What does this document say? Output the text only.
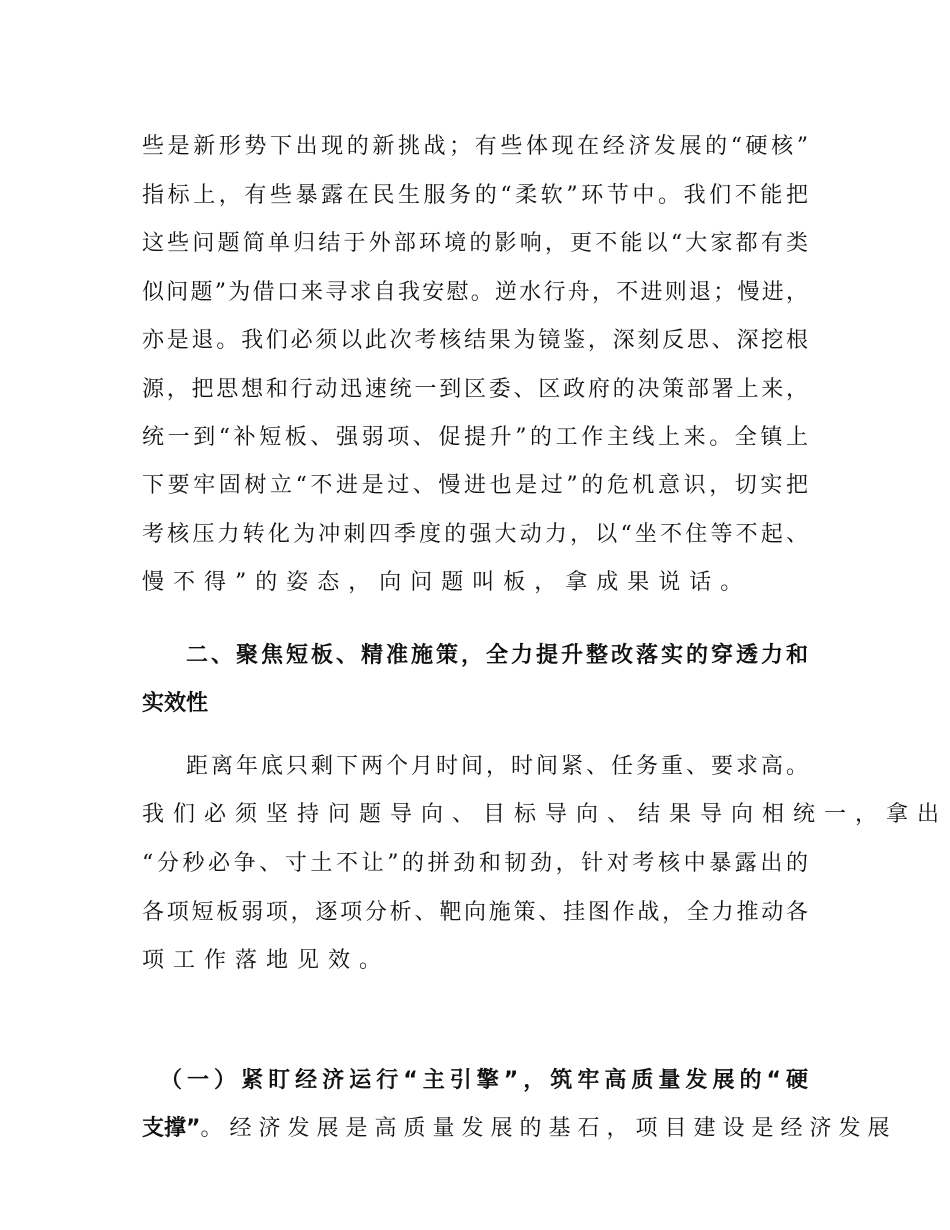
些是新形势下出现的新挑战；有些体现在经济发展的“硬核”
指标上，有些暴露在民生服务的“柔软”环节中。我们不能把
这些问题简单归结于外部环境的影响，更不能以“大家都有类
似问题”为借口来寻求自我安慰。逆水行舟，不进则退；慢进，
亦是退。我们必须以此次考核结果为镜鉴，深刻反思、深挖根
源，把思想和行动迅速统一到区委、区政府的决策部署上来，
统一到“补短板、强弱项、促提升”的工作主线上来。全镇上
下要牢固树立“不进是过、慢进也是过”的危机意识，切实把
考核压力转化为冲刺四季度的强大动力，以“坐不住等不起、
慢不得”的姿态，向问题叫板，拿成果说话。
二、聚焦短板、精准施策，全力提升整改落实的穿透力和
实效性
距离年底只剩下两个月时间，时间紧、任务重、要求高。
我们必须坚持问题导向、目标导向、结果导向相统一，拿出
“分秒必争、寸土不让”的拼劲和韧劲，针对考核中暴露出的
各项短板弱项，逐项分析、靶向施策、挂图作战，全力推动各
项工作落地见效。
（一）紧盯经济运行“主引擎”，筑牢高质量发展的“硬
支撑” 。经济发展是高质量发展的基石，项目建设是经济发展
